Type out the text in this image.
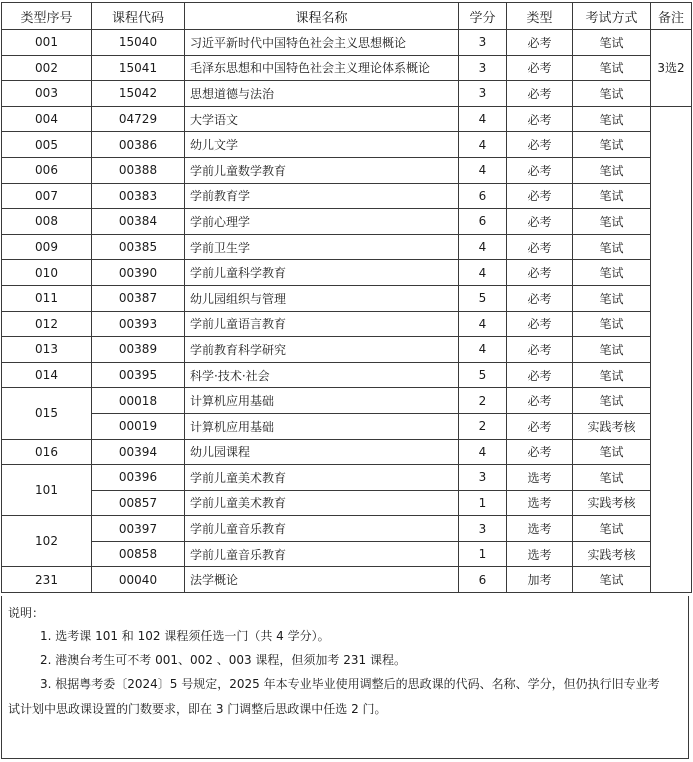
类型序号	课程代码	课程名称	学分	类型	考试方式	备注
001	15040	习近平新时代中国特色社会主义思想概论	3	必考	笔试	3选2
002	15041	毛泽东思想和中国特色社会主义理论体系概论	3	必考	笔试	
003	15042	思想道德与法治	3	必考	笔试	
004	04729	大学语文	4	必考	笔试	
005	00386	幼儿文学	4	必考	笔试	
006	00388	学前儿童数学教育	4	必考	笔试	
007	00383	学前教育学	6	必考	笔试	
008	00384	学前心理学	6	必考	笔试	
009	00385	学前卫生学	4	必考	笔试	
010	00390	学前儿童科学教育	4	必考	笔试	
011	00387	幼儿园组织与管理	5	必考	笔试	
012	00393	学前儿童语言教育	4	必考	笔试	
013	00389	学前教育科学研究	4	必考	笔试	
014	00395	科学·技术·社会	5	必考	笔试	
015	00018	计算机应用基础	2	必考	笔试	
	00019	计算机应用基础	2	必考	实践考核	
016	00394	幼儿园课程	4	必考	笔试	
101	00396	学前儿童美术教育	3	选考	笔试	
	00857	学前儿童美术教育	1	选考	实践考核	
102	00397	学前儿童音乐教育	3	选考	笔试	
	00858	学前儿童音乐教育	1	选考	实践考核	
231	00040	法学概论	6	加考	笔试	
说明：
1. 选考课 101 和 102 课程须任选一门（共 4 学分）。
2. 港澳台考生可不考 001、002 、003 课程，但须加考 231 课程。
3. 根据粤考委〔2024〕5 号规定，2025 年本专业毕业使用调整后的思政课的代码、名称、学分，但仍执行旧专业考
试计划中思政课设置的门数要求，即在 3 门调整后思政课中任选 2 门。
